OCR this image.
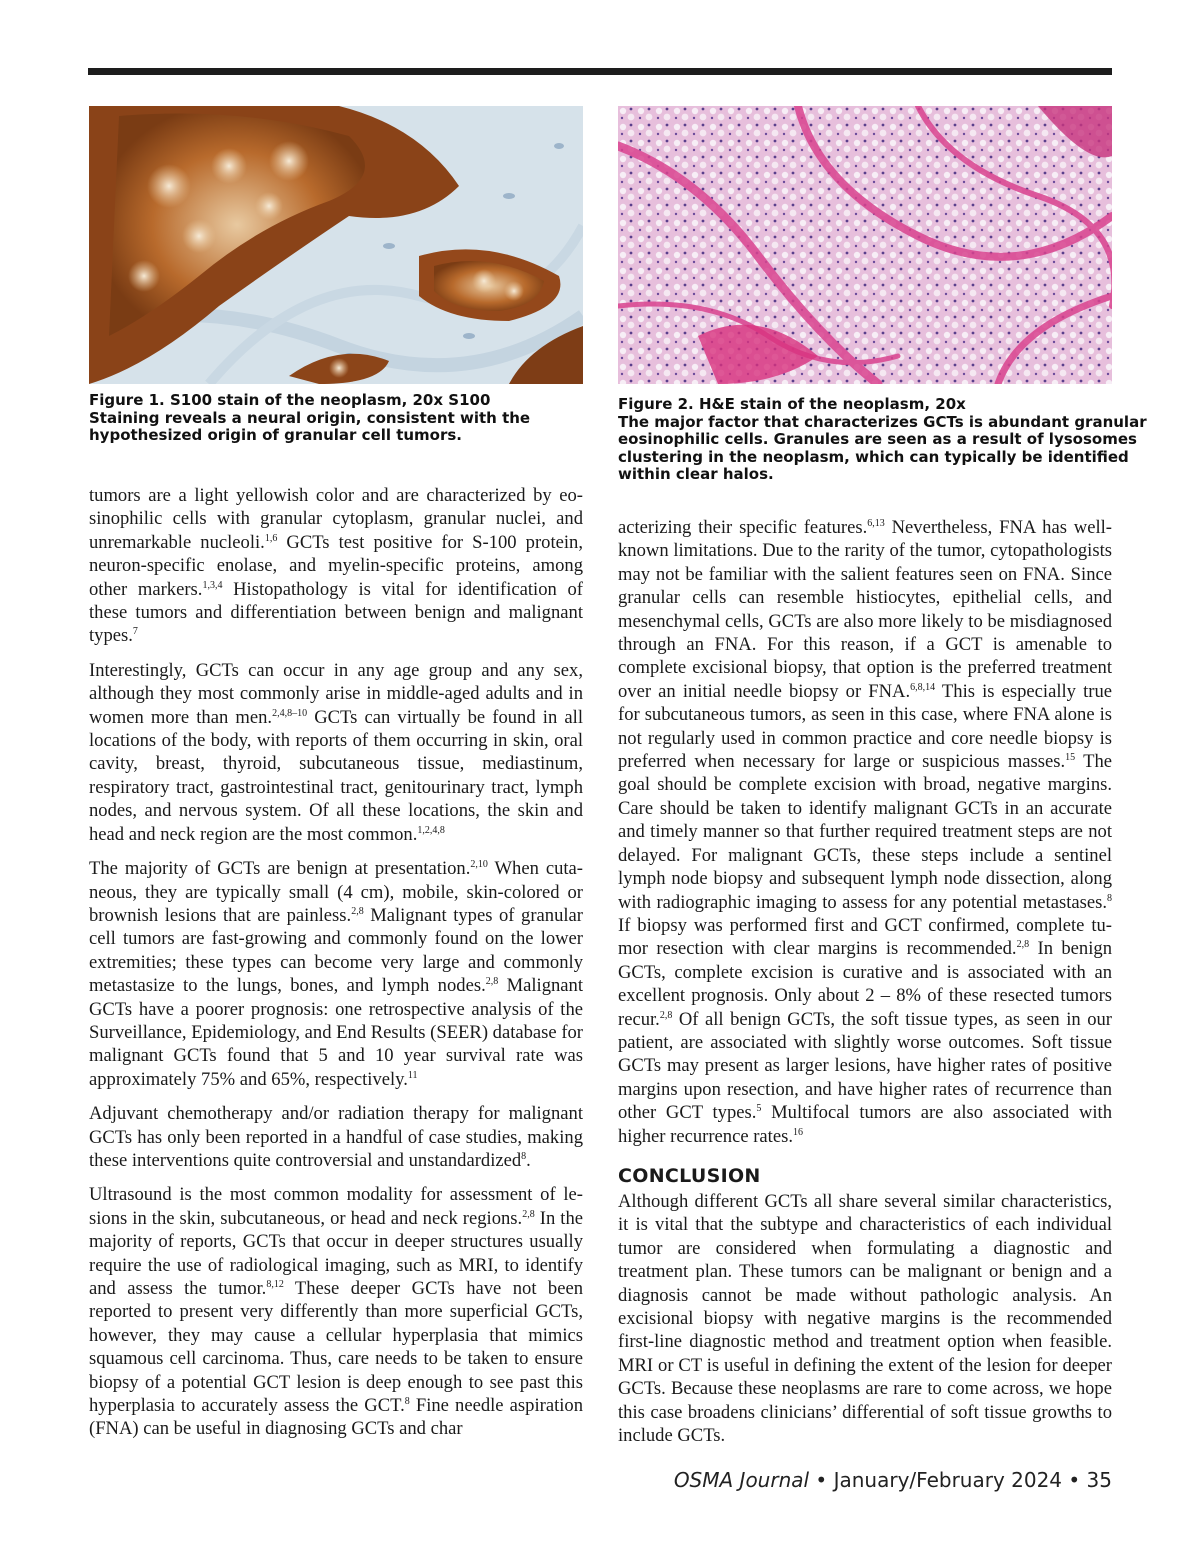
Figure 1. S100 stain of the neoplasm, 20x S100
Staining reveals a neural origin, consistent with the
hypothesized origin of granular cell tumors.
Figure 2. H&E stain of the neoplasm, 20x
The major factor that characterizes GCTs is abundant granular
eosinophilic cells. Granules are seen as a result of lysosomes
clustering in the neoplasm, which can typically be identified
within clear halos.

tumors are a light yellowish color and are characterized by eosinophilic cells with granular cytoplasm, granular nuclei, and unremarkable nucleoli.$^{1,6}$ GCTs test positive for S-100 protein, neuron-specific enolase, and myelin-specific proteins, among other markers.$^{1,3,4}$ Histopathology is vital for identification of these tumors and differentiation between benign and malignant types.$^7$

Interestingly, GCTs can occur in any age group and any sex, although they most commonly arise in middle-aged adults and in women more than men.$^{2,4,8-10}$ GCTs can virtually be found in all locations of the body, with reports of them occurring in skin, oral cavity, breast, thyroid, subcutaneous tissue, mediastinum, respiratory tract, gastrointestinal tract, genitourinary tract, lymph nodes, and nervous system. Of all these locations, the skin and head and neck region are the most common.$^{1,2,4,8}$

The majority of GCTs are benign at presentation.$^{2,10}$ When cutaneous, they are typically small (4 cm), mobile, skin-colored or brownish lesions that are painless.$^{2,8}$ Malignant types of granular cell tumors are fast-growing and commonly found on the lower extremities; these types can become very large and commonly metastasize to the lungs, bones, and lymph nodes.$^{2,8}$ Malignant GCTs have a poorer prognosis: one retrospective analysis of the Surveillance, Epidemiology, and End Results (SEER) database for malignant GCTs found that 5 and 10 year survival rate was approximately 75% and 65%, respectively.$^{11}$

Adjuvant chemotherapy and/or radiation therapy for malignant GCTs has only been reported in a handful of case studies, making these interventions quite controversial and unstandardized$^8$.

Ultrasound is the most common modality for assessment of lesions in the skin, subcutaneous, or head and neck regions.$^{2,8}$ In the majority of reports, GCTs that occur in deeper structures usually require the use of radiological imaging, such as MRI, to identify and assess the tumor.$^{8,12}$ These deeper GCTs have not been reported to present very differently than more superficial GCTs, however, they may cause a cellular hyperplasia that mimics squamous cell carcinoma. Thus, care needs to be taken to ensure biopsy of a potential GCT lesion is deep enough to see past this hyperplasia to accurately assess the GCT.$^8$ Fine needle aspiration (FNA) can be useful in diagnosing GCTs and char

acterizing their specific features.$^{6,13}$ Nevertheless, FNA has well-known limitations. Due to the rarity of the tumor, cytopathologists may not be familiar with the salient features seen on FNA. Since granular cells can resemble histiocytes, epithelial cells, and mesenchymal cells, GCTs are also more likely to be misdiagnosed through an FNA. For this reason, if a GCT is amenable to complete excisional biopsy, that option is the preferred treatment over an initial needle biopsy or FNA.$^{6,8,14}$ This is especially true for subcutaneous tumors, as seen in this case, where FNA alone is not regularly used in common practice and core needle biopsy is preferred when necessary for large or suspicious masses.$^{15}$ The goal should be complete excision with broad, negative margins. Care should be taken to identify malignant GCTs in an accurate and timely manner so that further required treatment steps are not delayed. For malignant GCTs, these steps include a sentinel lymph node biopsy and subsequent lymph node dissection, along with radiographic imaging to assess for any potential metastases.$^8$ If biopsy was performed first and GCT confirmed, complete tumor resection with clear margins is recommended.$^{2,8}$ In benign GCTs, complete excision is curative and is associated with an excellent prognosis. Only about 2 – 8% of these resected tumors recur.$^{2,8}$ Of all benign GCTs, the soft tissue types, as seen in our patient, are associated with slightly worse outcomes. Soft tissue GCTs may present as larger lesions, have higher rates of positive margins upon resection, and have higher rates of recurrence than other GCT types.$^5$ Multifocal tumors are also associated with higher recurrence rates.$^{16}$

CONCLUSION

Although different GCTs all share several similar characteristics, it is vital that the subtype and characteristics of each individual tumor are considered when formulating a diagnostic and treatment plan. These tumors can be malignant or benign and a diagnosis cannot be made without pathologic analysis. An excisional biopsy with negative margins is the recommended first-line diagnostic method and treatment option when feasible. MRI or CT is useful in defining the extent of the lesion for deeper GCTs. Because these neoplasms are rare to come across, we hope this case broadens clinicians’ differential of soft tissue growths to include GCTs.

OSMA Journal • January/February 2024 • 35
